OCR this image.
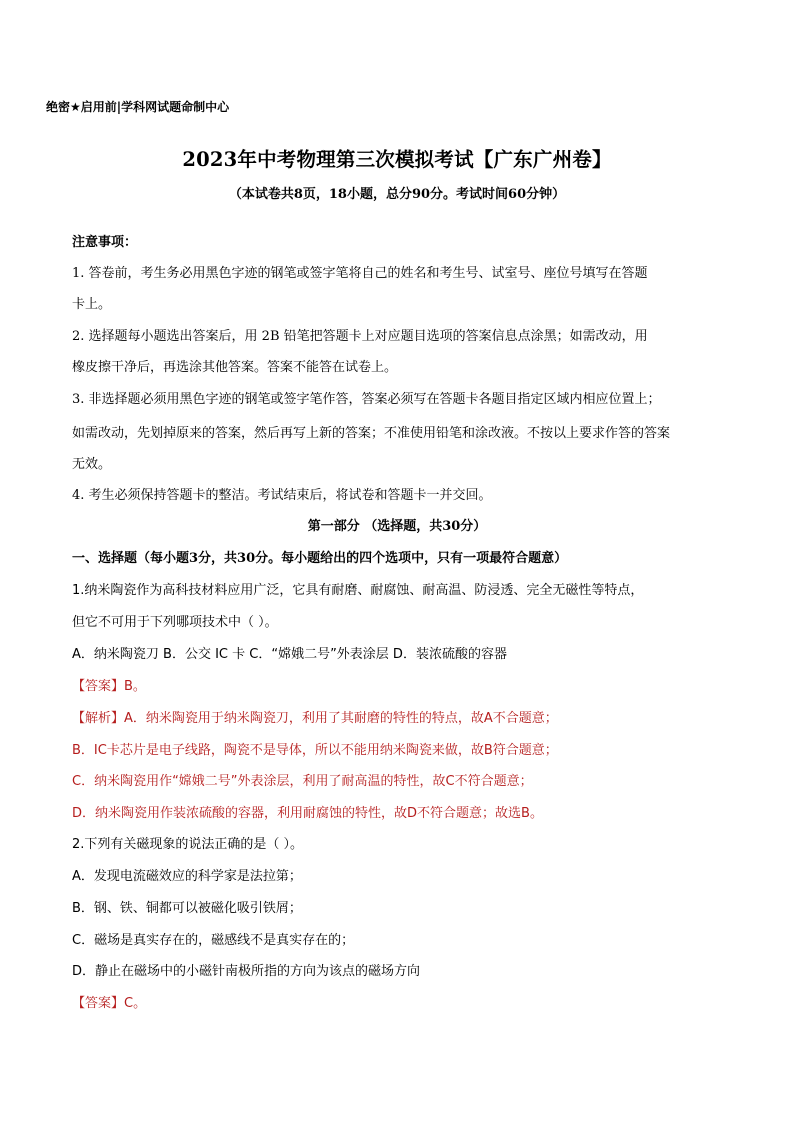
绝密★启用前|学科网试题命制中心
2023年中考物理第三次模拟考试【广东广州卷】
（本试卷共8页，18小题，总分90分。考试时间60分钟）
注意事项：
1. 答卷前，考生务必用黑色字迹的钢笔或签字笔将自己的姓名和考生号、试室号、座位号填写在答题
卡上。
2. 选择题每小题选出答案后，用 2B 铅笔把答题卡上对应题目选项的答案信息点涂黑；如需改动，用
橡皮擦干净后，再选涂其他答案。答案不能答在试卷上。
3. 非选择题必须用黑色字迹的钢笔或签字笔作答，答案必须写在答题卡各题目指定区域内相应位置上；
如需改动，先划掉原来的答案，然后再写上新的答案；不准使用铅笔和涂改液。不按以上要求作答的答案
无效。
4. 考生必须保持答题卡的整洁。考试结束后，将试卷和答题卡一并交回。
第一部分 （选择题，共30分）
一、选择题（每小题3分，共30分。每小题给出的四个选项中，只有一项最符合题意）
1.纳米陶瓷作为高科技材料应用广泛，它具有耐磨、耐腐蚀、耐高温、防浸透、完全无磁性等特点，
但它不可用于下列哪项技术中（ ）。
A．纳米陶瓷刀 B．公交 IC 卡 C．“嫦娥二号”外表涂层 D．装浓硫酸的容器
【答案】B。
【解析】A．纳米陶瓷用于纳米陶瓷刀，利用了其耐磨的特性的特点，故A不合题意；
B．IC卡芯片是电子线路，陶瓷不是导体，所以不能用纳米陶瓷来做，故B符合题意；
C．纳米陶瓷用作“嫦娥二号”外表涂层，利用了耐高温的特性，故C不符合题意；
D．纳米陶瓷用作装浓硫酸的容器，利用耐腐蚀的特性，故D不符合题意；故选B。
2.下列有关磁现象的说法正确的是（ ）。
A．发现电流磁效应的科学家是法拉第；
B．钢、铁、铜都可以被磁化吸引铁屑；
C．磁场是真实存在的，磁感线不是真实存在的；
D．静止在磁场中的小磁针南极所指的方向为该点的磁场方向
【答案】C。
